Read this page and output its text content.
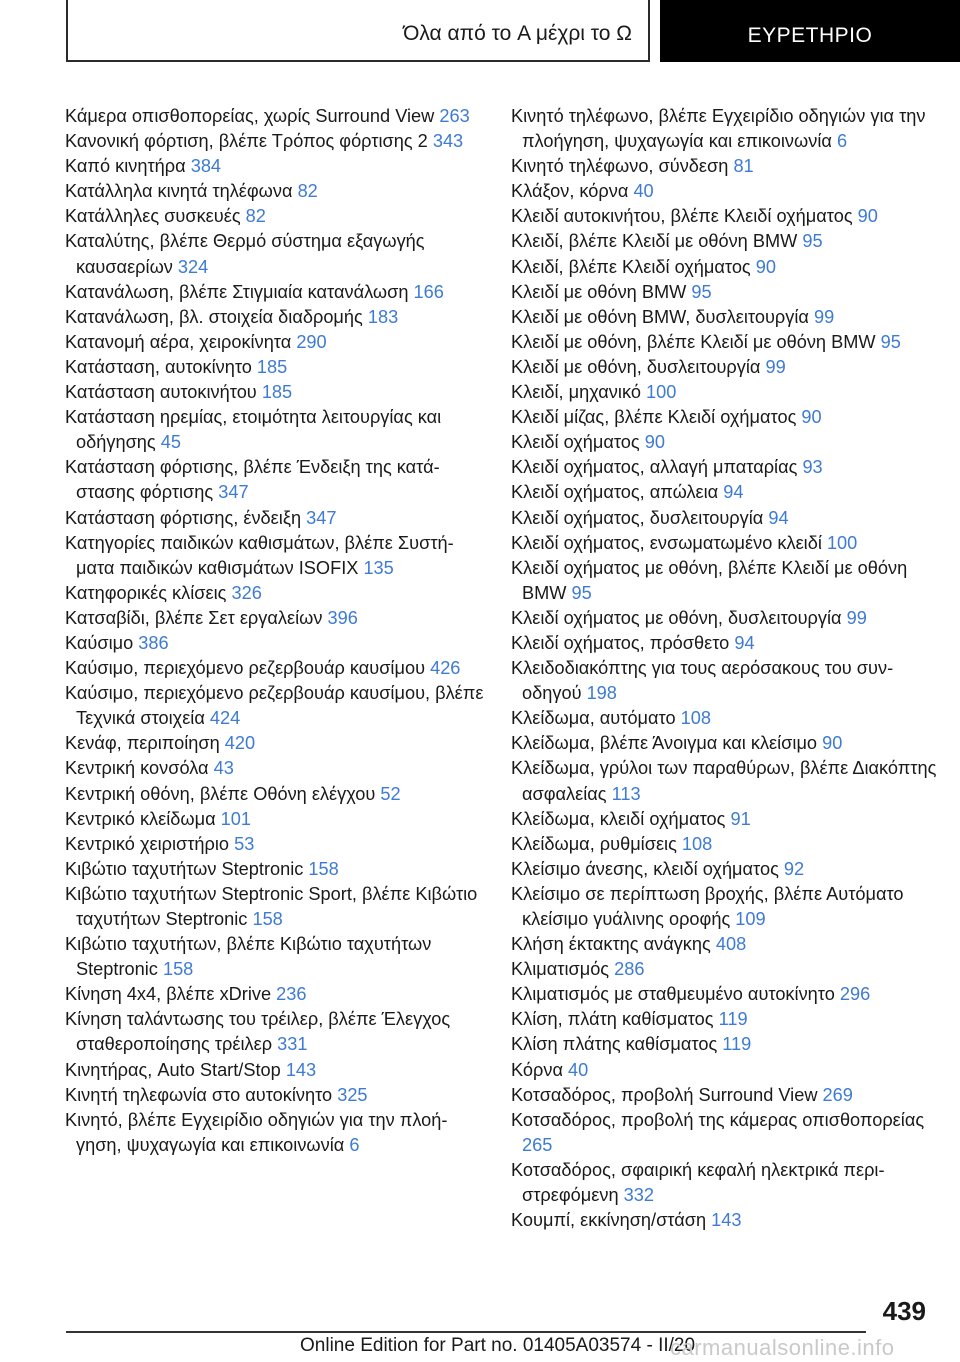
Όλα από το A μέχρι το Ω	ΕΥΡΕΤΗΡΙΟ
Κάμερα οπισθοπορείας, χωρίς Surround View 263
Κανονική φόρτιση, βλέπε Τρόπος φόρτισης 2 343
Καπό κινητήρα 384
Κατάλληλα κινητά τηλέφωνα 82
Κατάλληλες συσκευές 82
Καταλύτης, βλέπε Θερμό σύστημα εξαγωγής καυσαερίων 324
Κατανάλωση, βλέπε Στιγμιαία κατανάλωση 166
Κατανάλωση, βλ. στοιχεία διαδρομής 183
Κατανομή αέρα, χειροκίνητα 290
Κατάσταση, αυτοκίνητο 185
Κατάσταση αυτοκινήτου 185
Κατάσταση ηρεμίας, ετοιμότητα λειτουργίας και οδήγησης 45
Κατάσταση φόρτισης, βλέπε Ένδειξη της κατάστασης φόρτισης 347
Κατάσταση φόρτισης, ένδειξη 347
Κατηγορίες παιδικών καθισμάτων, βλέπε Συστήματα παιδικών καθισμάτων ISOFIX 135
Κατηφορικές κλίσεις 326
Κατσαβίδι, βλέπε Σετ εργαλείων 396
Καύσιμο 386
Καύσιμο, περιεχόμενο ρεζερβουάρ καυσίμου 426
Καύσιμο, περιεχόμενο ρεζερβουάρ καυσίμου, βλέπε Τεχνικά στοιχεία 424
Κενάφ, περιποίηση 420
Κεντρική κονσόλα 43
Κεντρική οθόνη, βλέπε Οθόνη ελέγχου 52
Κεντρικό κλείδωμα 101
Κεντρικό χειριστήριο 53
Κιβώτιο ταχυτήτων Steptronic 158
Κιβώτιο ταχυτήτων Steptronic Sport, βλέπε Κιβώτιο ταχυτήτων Steptronic 158
Κιβώτιο ταχυτήτων, βλέπε Κιβώτιο ταχυτήτων Steptronic 158
Κίνηση 4x4, βλέπε xDrive 236
Κίνηση ταλάντωσης του τρέιλερ, βλέπε Έλεγχος σταθεροποίησης τρέιλερ 331
Κινητήρας, Auto Start/Stop 143
Κινητή τηλεφωνία στο αυτοκίνητο 325
Κινητό, βλέπε Εγχειρίδιο οδηγιών για την πλοήγηση, ψυχαγωγία και επικοινωνία 6
Κινητό τηλέφωνο, βλέπε Εγχειρίδιο οδηγιών για την πλοήγηση, ψυχαγωγία και επικοινωνία 6
Κινητό τηλέφωνο, σύνδεση 81
Κλάξον, κόρνα 40
Κλειδί αυτοκινήτου, βλέπε Κλειδί οχήματος 90
Κλειδί, βλέπε Κλειδί με οθόνη BMW 95
Κλειδί, βλέπε Κλειδί οχήματος 90
Κλειδί με οθόνη BMW 95
Κλειδί με οθόνη BMW, δυσλειτουργία 99
Κλειδί με οθόνη, βλέπε Κλειδί με οθόνη BMW 95
Κλειδί με οθόνη, δυσλειτουργία 99
Κλειδί, μηχανικό 100
Κλειδί μίζας, βλέπε Κλειδί οχήματος 90
Κλειδί οχήματος 90
Κλειδί οχήματος, αλλαγή μπαταρίας 93
Κλειδί οχήματος, απώλεια 94
Κλειδί οχήματος, δυσλειτουργία 94
Κλειδί οχήματος, ενσωματωμένο κλειδί 100
Κλειδί οχήματος με οθόνη, βλέπε Κλειδί με οθόνη BMW 95
Κλειδί οχήματος με οθόνη, δυσλειτουργία 99
Κλειδί οχήματος, πρόσθετο 94
Κλειδοδιακόπτης για τους αερόσακους του συνοδηγού 198
Κλείδωμα, αυτόματο 108
Κλείδωμα, βλέπε Άνοιγμα και κλείσιμο 90
Κλείδωμα, γρύλοι των παραθύρων, βλέπε Διακόπτης ασφαλείας 113
Κλείδωμα, κλειδί οχήματος 91
Κλείδωμα, ρυθμίσεις 108
Κλείσιμο άνεσης, κλειδί οχήματος 92
Κλείσιμο σε περίπτωση βροχής, βλέπε Αυτόματο κλείσιμο γυάλινης οροφής 109
Κλήση έκτακτης ανάγκης 408
Κλιματισμός 286
Κλιματισμός με σταθμευμένο αυτοκίνητο 296
Κλίση, πλάτη καθίσματος 119
Κλίση πλάτης καθίσματος 119
Κόρνα 40
Κοτσαδόρος, προβολή Surround View 269
Κοτσαδόρος, προβολή της κάμερας οπισθοπορείας 265
Κοτσαδόρος, σφαιρική κεφαλή ηλεκτρικά περιστρεφόμενη 332
Κουμπί, εκκίνηση/στάση 143
439
Online Edition for Part no. 01405A03574 - II/20
carmanualsonline.info
